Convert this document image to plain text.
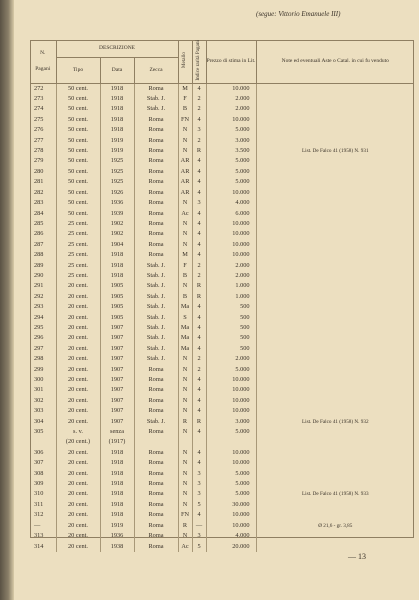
(segue: Vittorio Emanuele III)
N.
Pagani	DESCRIZIONE			Metallo	Indice rarità Pagani	Prezzo di stima in Lit.	Note ed eventuali Aste o Catal. in cui fu venduto
	Tipo	Data	Zecca				
272	50 cent.	1918	Roma	M	4	10.000	
273	50 cent.	1918	Stab. J.	F	2	2.000	
274	50 cent.	1918	Stab. J.	B	2	2.000	
275	50 cent.	1918	Roma	FN	4	10.000	
276	50 cent.	1918	Roma	N	3	5.000	
277	50 cent.	1919	Roma	N	2	3.000	
278	50 cent.	1919	Roma	N	R	3.500	List. De Falco 41 (1958) N. 931
279	50 cent.	1925	Roma	AR	4	5.000	
280	50 cent.	1925	Roma	AR	4	5.000	
281	50 cent.	1925	Roma	AR	4	5.000	
282	50 cent.	1926	Roma	AR	4	10.000	
283	50 cent.	1936	Roma	N	3	4.000	
284	50 cent.	1939	Roma	Ac	4	6.000	
285	25 cent.	1902	Roma	N	4	10.000	
286	25 cent.	1902	Roma	N	4	10.000	
287	25 cent.	1904	Roma	N	4	10.000	
288	25 cent.	1918	Roma	M	4	10.000	
289	25 cent.	1918	Stab. J.	F	2	2.000	
290	25 cent.	1918	Stab. J.	B	2	2.000	
291	20 cent.	1905	Stab. J.	N	R	1.000	
292	20 cent.	1905	Stab. J.	B	R	1.000	
293	20 cent.	1905	Stab. J.	Ma	4	500	
294	20 cent.	1905	Stab. J.	S	4	500	
295	20 cent.	1907	Stab. J.	Ma	4	500	
296	20 cent.	1907	Stab. J.	Ma	4	500	
297	20 cent.	1907	Stab. J.	Ma	4	500	
298	20 cent.	1907	Stab. J.	N	2	2.000	
299	20 cent.	1907	Roma	N	2	5.000	
300	20 cent.	1907	Roma	N	4	10.000	
301	20 cent.	1907	Roma	N	4	10.000	
302	20 cent.	1907	Roma	N	4	10.000	
303	20 cent.	1907	Roma	N	4	10.000	
304	20 cent.	1907	Stab. J.	R	R	3.000	List. De Falco 41 (1958) N. 932
305	s. v.	senza	Roma	N	4	5.000	
	(20 cent.)	(1917)					
306	20 cent.	1918	Roma	N	4	10.000	
307	20 cent.	1918	Roma	N	4	10.000	
308	20 cent.	1918	Roma	N	3	5.000	
309	20 cent.	1918	Roma	N	3	5.000	
310	20 cent.	1918	Roma	N	3	5.000	List. De Falco 41 (1958) N. 933
311	20 cent.	1918	Roma	N	5	30.000	
312	20 cent.	1918	Roma	FN	4	10.000	
—	20 cent.	1919	Roma	R	—	10.000	Ø 21,6 - gr. 3,85
313	20 cent.	1936	Roma	N	3	4.000	
314	20 cent.	1938	Roma	Ac	5	20.000	
— 13
